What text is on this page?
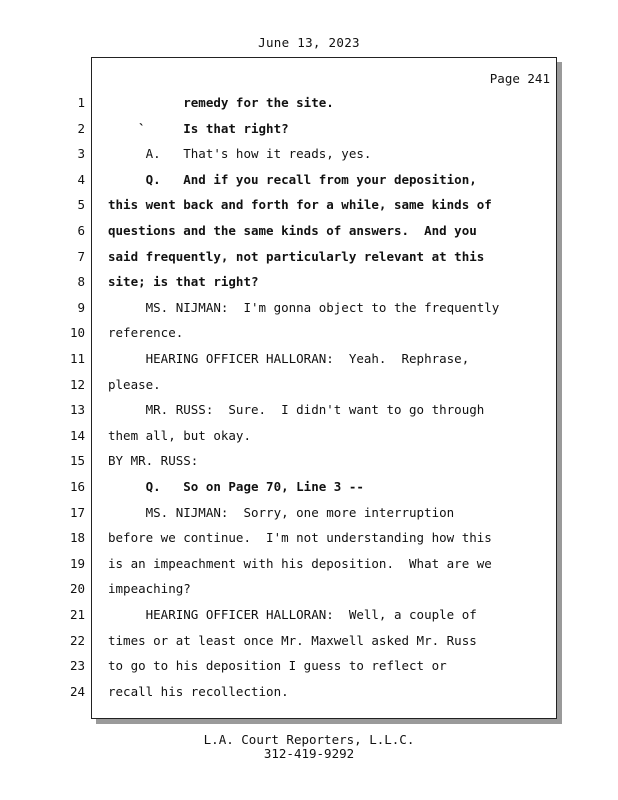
June 13, 2023
Page 241
1 remedy for the site.
2 `     Is that right?
3 A.   That's how it reads, yes.
4 Q.   And if you recall from your deposition,
5 this went back and forth for a while, same kinds of
6 questions and the same kinds of answers.  And you
7 said frequently, not particularly relevant at this
8 site; is that right?
9 MS. NIJMAN:  I'm gonna object to the frequently
10 reference.
11 HEARING OFFICER HALLORAN:  Yeah.  Rephrase,
12 please.
13 MR. RUSS:  Sure.  I didn't want to go through
14 them all, but okay.
15 BY MR. RUSS:
16 Q.   So on Page 70, Line 3 --
17 MS. NIJMAN:  Sorry, one more interruption
18 before we continue.  I'm not understanding how this
19 is an impeachment with his deposition.  What are we
20 impeaching?
21 HEARING OFFICER HALLORAN:  Well, a couple of
22 times or at least once Mr. Maxwell asked Mr. Russ
23 to go to his deposition I guess to reflect or
24 recall his recollection.
L.A. Court Reporters, L.L.C.
312-419-9292
